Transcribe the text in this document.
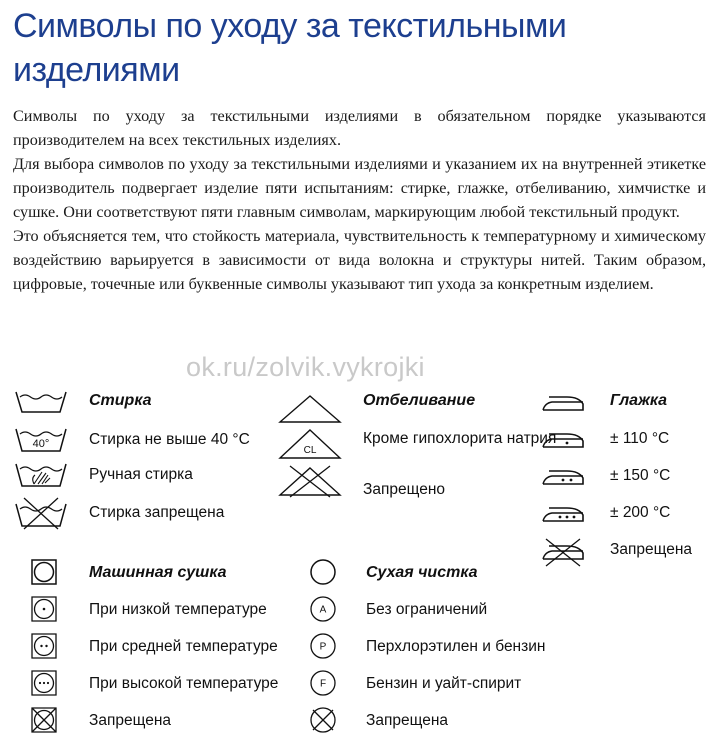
Символы по уходу за текстильными изделиями

Символы по уходу за текстильными изделиями в обязательном порядке указываются производителем на всех текстильных изделиях.

Для выбора символов по уходу за текстильными изделиями и указанием их на внутренней этикетке производитель подвергает изделие пяти испытаниям: стирке, глажке, отбеливанию, химчистке и сушке. Они соответствуют пяти главным символам, маркирующим любой текстильный продукт.

Это объясняется тем, что стойкость материала, чувствительность к температурному и химическому воздействию варьируется в зависимости от вида волокна и структуры нитей. Таким образом, цифровые, точечные или буквенные символы указывают тип ухода за конкретным изделием.

ok.ru/zolvik.vykrojki
Стирка
40°	Стирка не выше 40 °C
Ручная стирка
Стирка запрещена
Отбеливание
CL
Кроме гипохлорита натрия
Запрещено
Глажка
± 110 °C
± 150 °C
± 200 °C
Запрещена
Машинная сушка
При низкой температуре
При средней температуре
При высокой температуре
Запрещена
Сухая чистка
A	Без ограничений
P	Перхлорэтилен и бензин
F	Бензин и уайт-спирит
Запрещена
